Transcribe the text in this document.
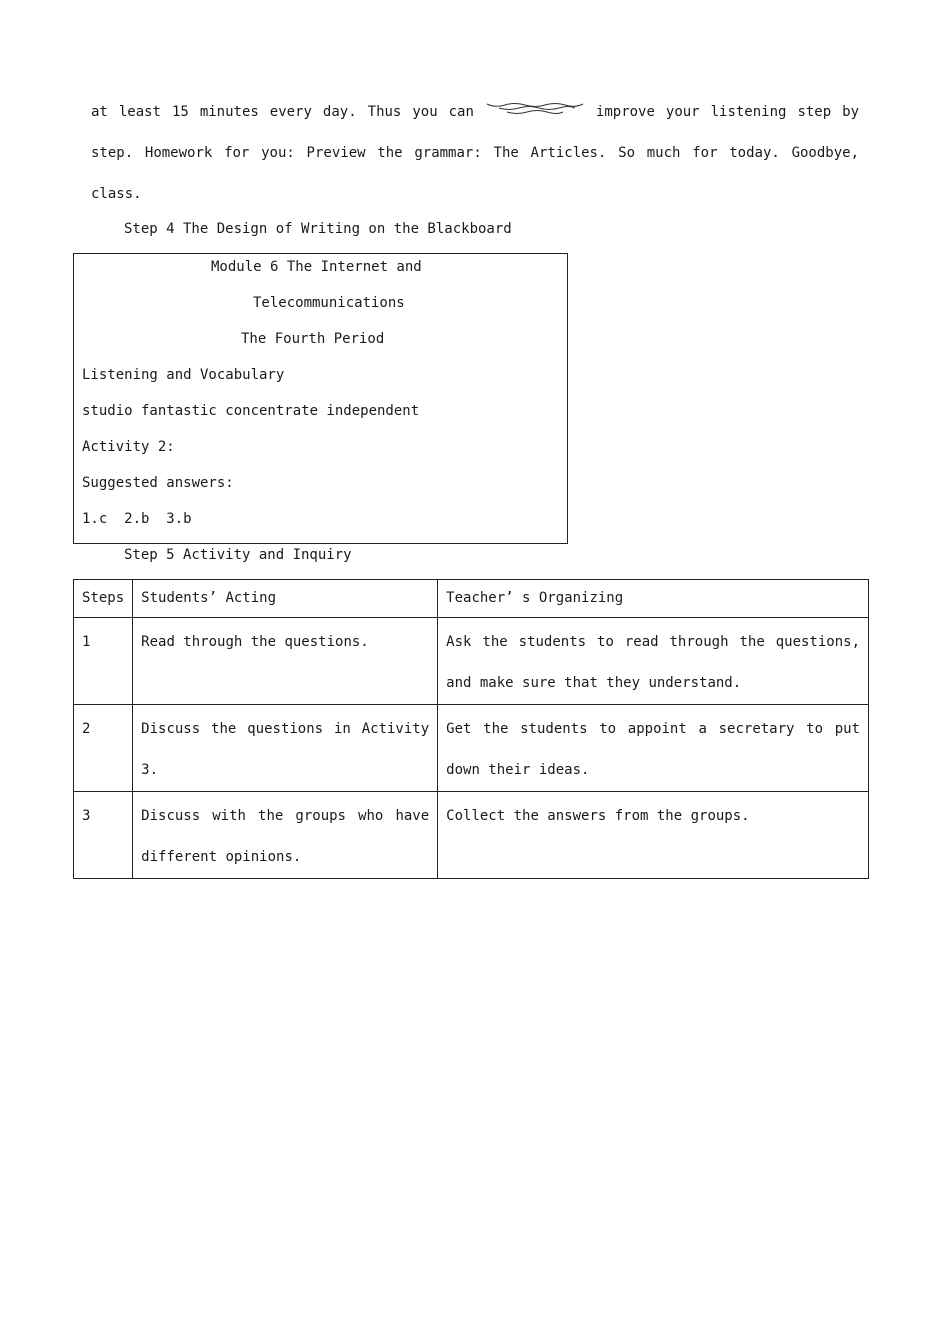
at least 15 minutes every day. Thus you can	improve your listening step by
step. Homework for you: Preview the grammar: The Articles. So much for today. Goodbye,
class.
Step 4 The Design of Writing on the Blackboard
Module 6 The Internet and
Telecommunications
The Fourth Period
Listening and Vocabulary
studio fantastic concentrate independent
Activity 2:
Suggested answers:
1.c  2.b  3.b
Step 5 Activity and Inquiry
Steps	Students’ Acting	Teacher’ s Organizing
1	Read through the questions.	Ask the students to read through the questions, and make sure that they understand.
2	Discuss the questions in Activity 3.	Get the students to appoint a secretary to put down their ideas.
3	Discuss with the groups who have different opinions.	Collect the answers from the groups.
